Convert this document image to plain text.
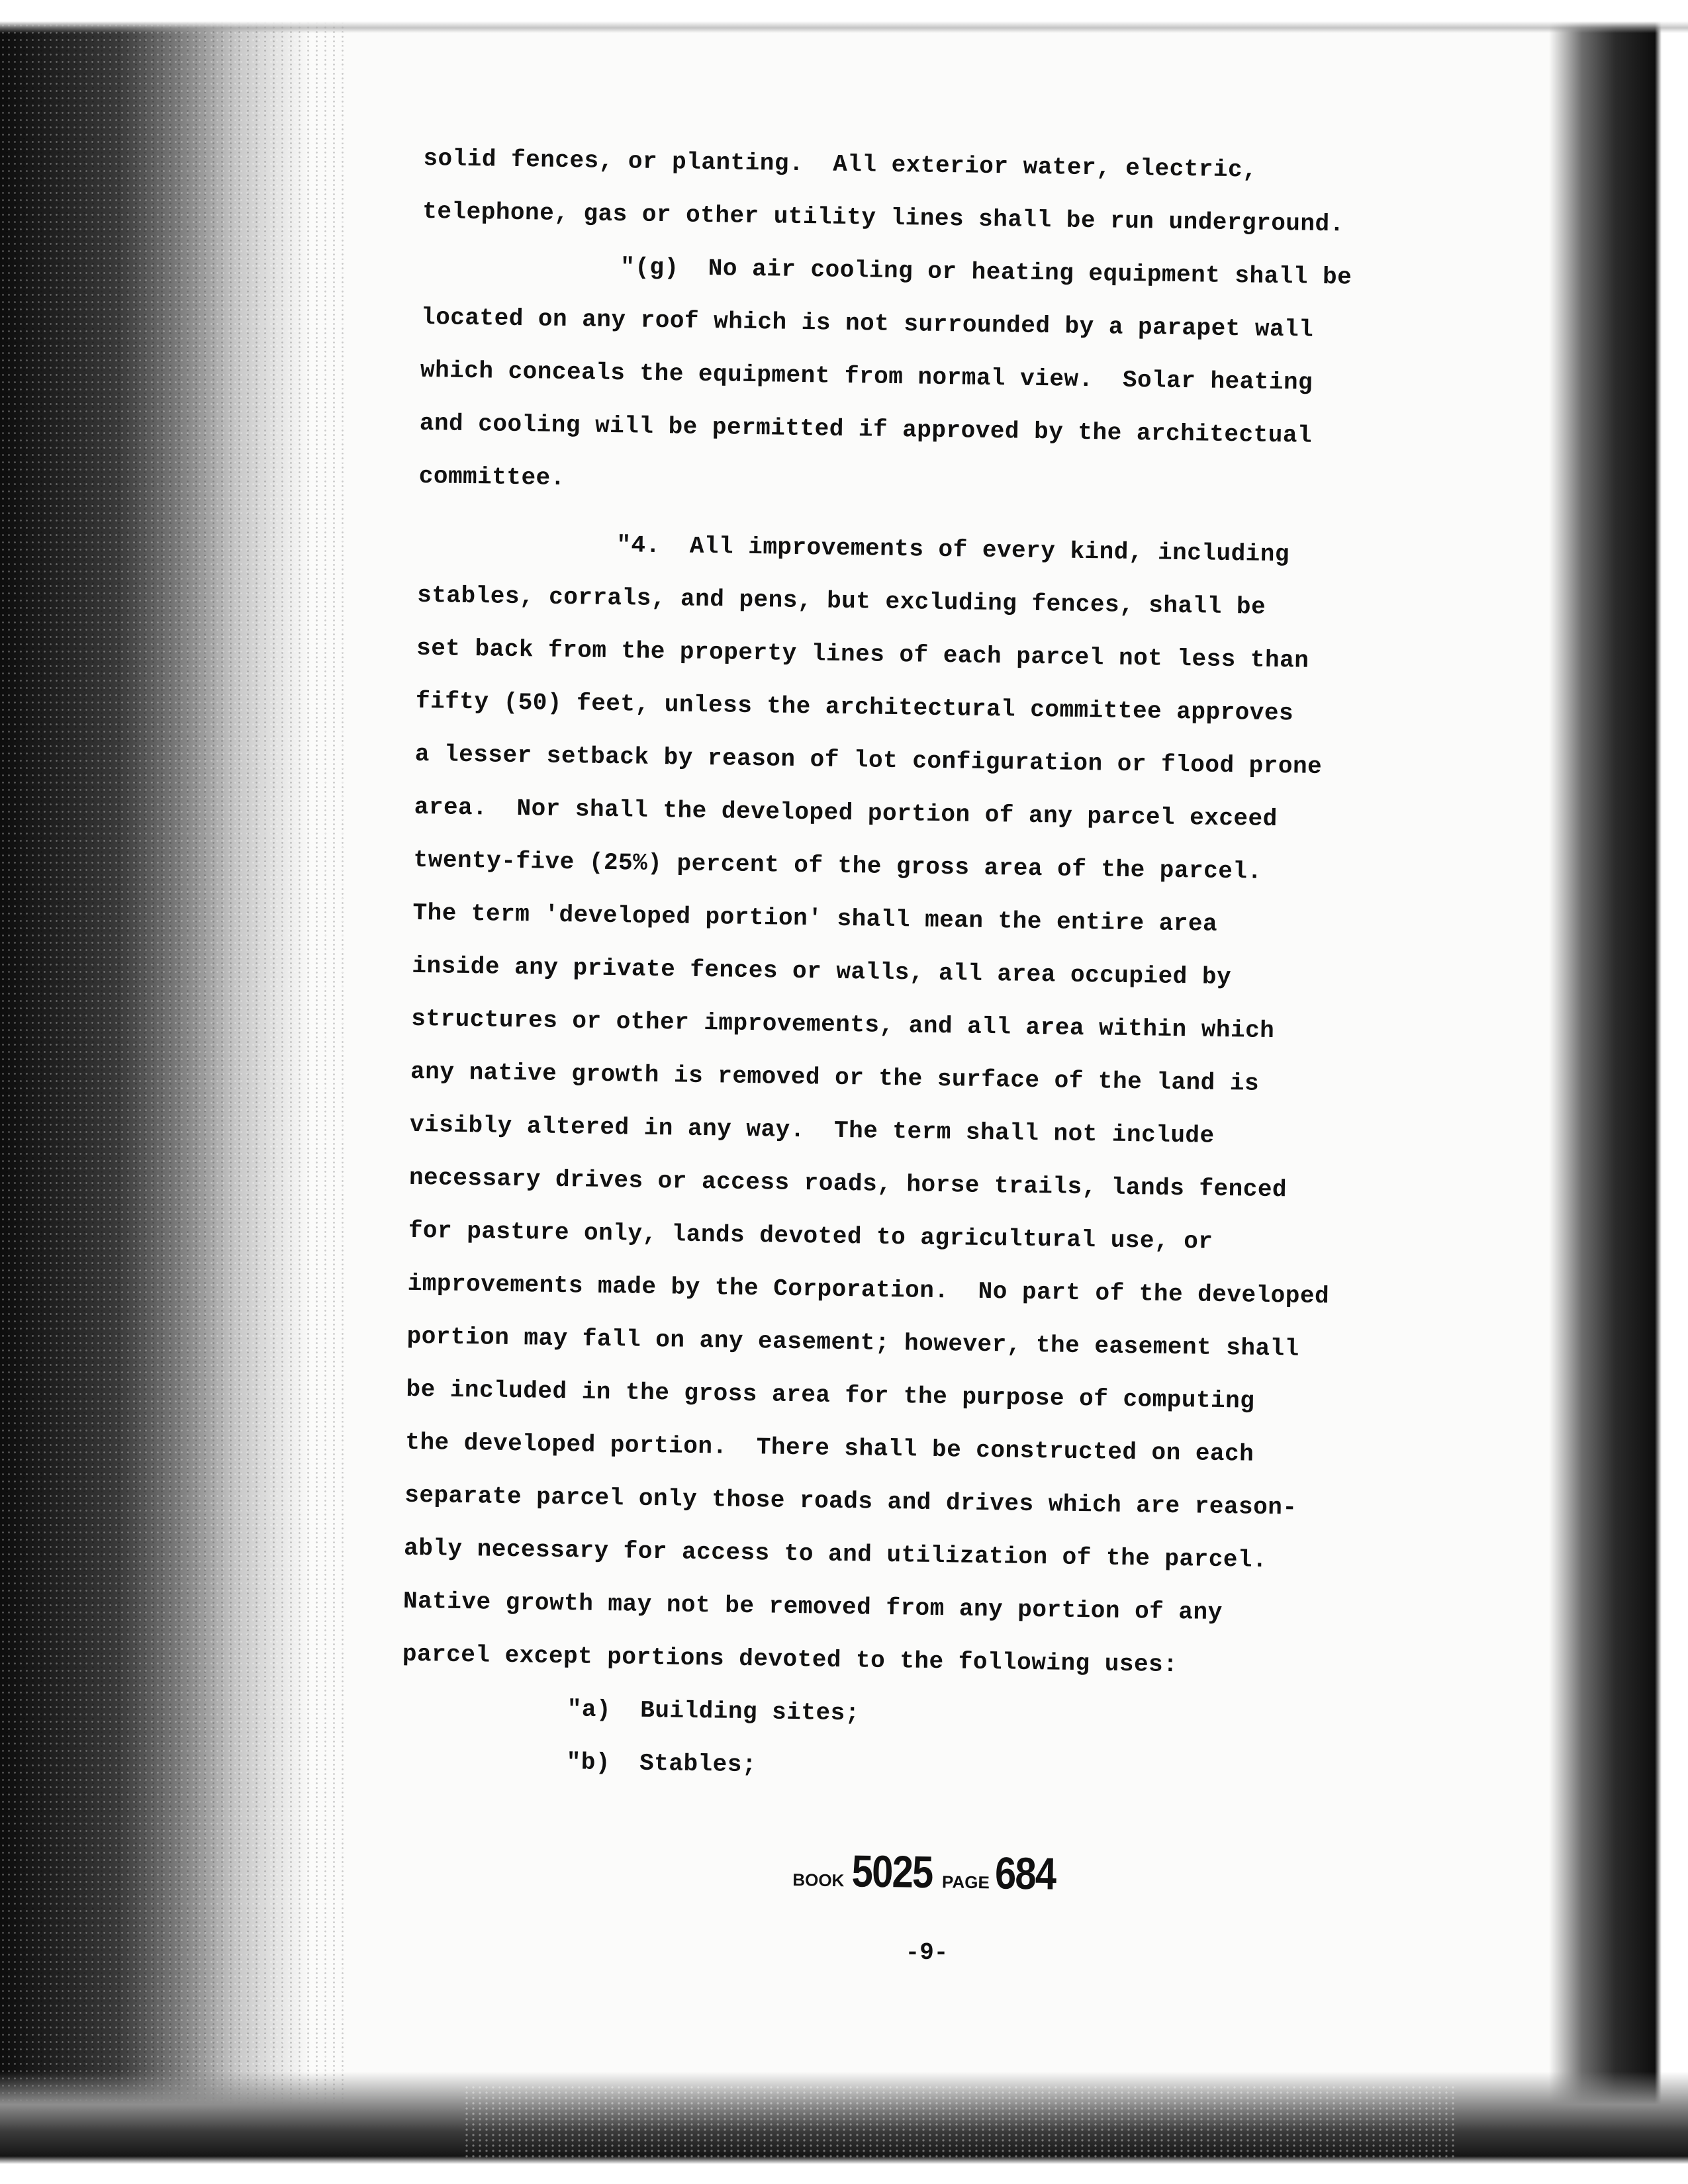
solid fences, or planting.  All exterior water, electric,
telephone, gas or other utility lines shall be run underground.
"(g)  No air cooling or heating equipment shall be
located on any roof which is not surrounded by a parapet wall
which conceals the equipment from normal view.  Solar heating
and cooling will be permitted if approved by the architectual
committee.
"4.  All improvements of every kind, including
stables, corrals, and pens, but excluding fences, shall be
set back from the property lines of each parcel not less than
fifty (50) feet, unless the architectural committee approves
a lesser setback by reason of lot configuration or flood prone
area.  Nor shall the developed portion of any parcel exceed
twenty-five (25%) percent of the gross area of the parcel.
The term 'developed portion' shall mean the entire area
inside any private fences or walls, all area occupied by
structures or other improvements, and all area within which
any native growth is removed or the surface of the land is
visibly altered in any way.  The term shall not include
necessary drives or access roads, horse trails, lands fenced
for pasture only, lands devoted to agricultural use, or
improvements made by the Corporation.  No part of the developed
portion may fall on any easement; however, the easement shall
be included in the gross area for the purpose of computing
the developed portion.  There shall be constructed on each
separate parcel only those roads and drives which are reason-
ably necessary for access to and utilization of the parcel.
Native growth may not be removed from any portion of any
parcel except portions devoted to the following uses:
"a)  Building sites;
"b)  Stables;
BOOK 5025 PAGE 684
-9-
